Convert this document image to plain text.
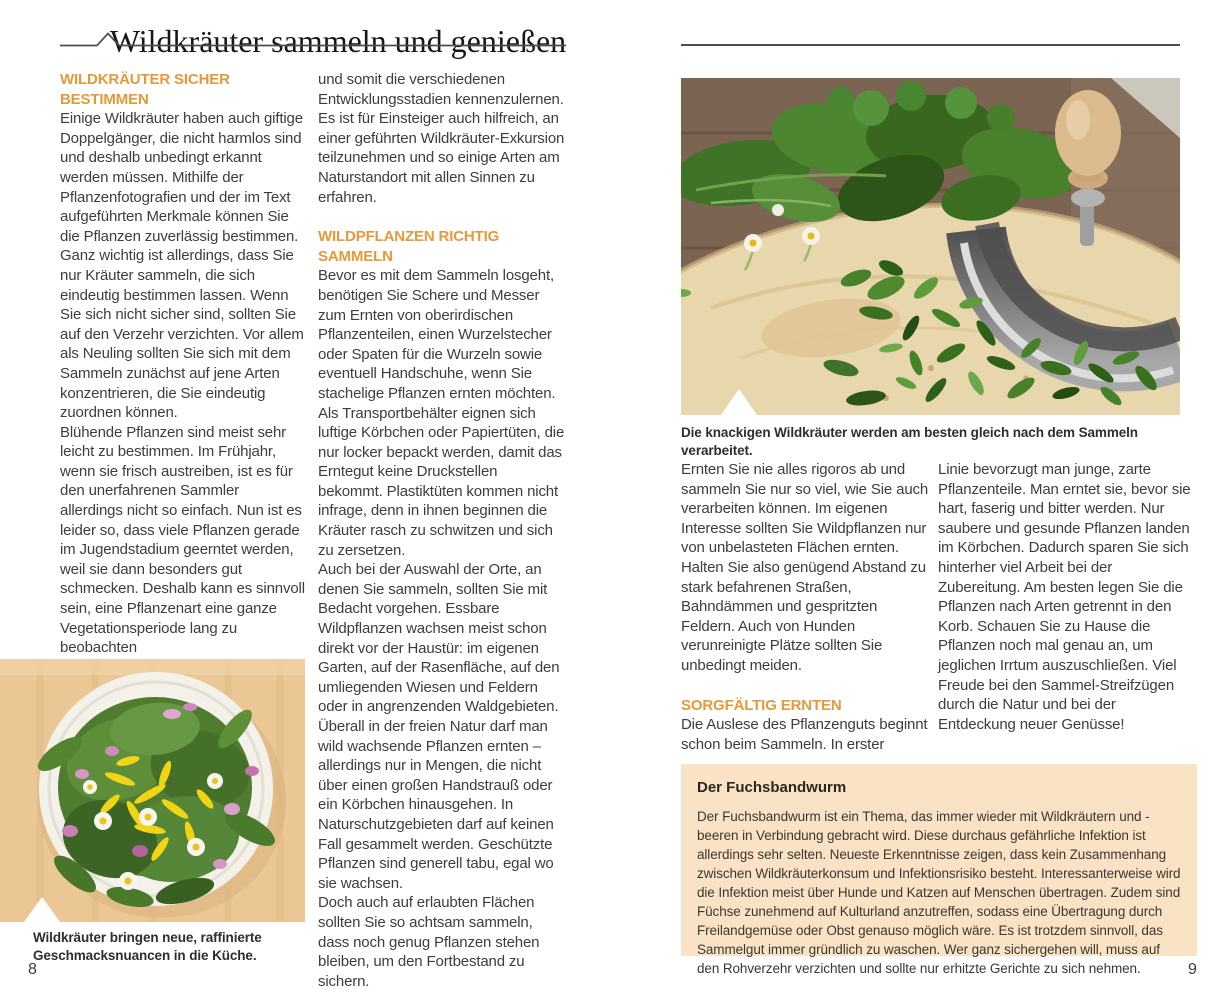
Wildkräuter sammeln und genießen

WILDKRÄUTER SICHER BESTIMMEN

Einige Wildkräuter haben auch giftige Doppelgänger, die nicht harmlos sind und deshalb unbedingt erkannt werden müssen. Mithilfe der Pflanzenfotografien und der im Text aufgeführten Merkmale können Sie die Pflanzen zuverlässig bestimmen. Ganz wichtig ist allerdings, dass Sie nur Kräuter sammeln, die sich eindeutig bestimmen lassen. Wenn Sie sich nicht sicher sind, sollten Sie auf den Verzehr verzichten. Vor allem als Neuling sollten Sie sich mit dem Sammeln zunächst auf jene Arten konzentrieren, die Sie eindeutig zuordnen können.

Blühende Pflanzen sind meist sehr leicht zu bestimmen. Im Frühjahr, wenn sie frisch austreiben, ist es für den unerfahrenen Sammler allerdings nicht so einfach. Nun ist es leider so, dass viele Pflanzen gerade im Jugendstadium geerntet werden, weil sie dann besonders gut schmecken. Deshalb kann es sinnvoll sein, eine Pflanzenart eine ganze Vegetationsperiode lang zu beobachten

und somit die verschiedenen Entwicklungsstadien kennenzulernen. Es ist für Einsteiger auch hilfreich, an einer geführten Wildkräuter-Exkursion teilzunehmen und so einige Arten am Naturstandort mit allen Sinnen zu erfahren.

WILDPFLANZEN RICHTIG SAMMELN

Bevor es mit dem Sammeln losgeht, benötigen Sie Schere und Messer zum Ernten von oberirdischen Pflanzenteilen, einen Wurzelstecher oder Spaten für die Wurzeln sowie eventuell Handschuhe, wenn Sie stachelige Pflanzen ernten möchten.

Als Transportbehälter eignen sich luftige Körbchen oder Papiertüten, die nur locker bepackt werden, damit das Erntegut keine Druckstellen bekommt. Plastiktüten kommen nicht infrage, denn in ihnen beginnen die Kräuter rasch zu schwitzen und sich zu zersetzen.

Auch bei der Auswahl der Orte, an denen Sie sammeln, sollten Sie mit Bedacht vorgehen. Essbare Wildpflanzen wachsen meist schon direkt vor der Haustür: im eigenen Garten, auf der Rasenfläche, auf den umliegenden Wiesen und Feldern oder in angrenzenden Waldgebieten. Überall in der freien Natur darf man wild wachsende Pflanzen ernten – allerdings nur in Mengen, die nicht über einen großen Handstrauß oder ein Körbchen hinausgehen. In Naturschutzgebieten darf auf keinen Fall gesammelt werden. Geschützte Pflanzen sind generell tabu, egal wo sie wachsen.

Doch auch auf erlaubten Flächen sollten Sie so achtsam sammeln, dass noch genug Pflanzen stehen bleiben, um den Fortbestand zu sichern.

Wildkräuter bringen neue, raffinierte Geschmacksnuancen in die Küche.
8
Die knackigen Wildkräuter werden am besten gleich nach dem Sammeln verarbeitet.

Ernten Sie nie alles rigoros ab und sammeln Sie nur so viel, wie Sie auch verarbeiten können. Im eigenen Interesse sollten Sie Wildpflanzen nur von unbelasteten Flächen ernten. Halten Sie also genügend Abstand zu stark befahrenen Straßen, Bahndämmen und gespritzten Feldern. Auch von Hunden verunreinigte Plätze sollten Sie unbedingt meiden.

SORGFÄLTIG ERNTEN

Die Auslese des Pflanzenguts beginnt schon beim Sammeln. In erster

Linie bevorzugt man junge, zarte Pflanzenteile. Man erntet sie, bevor sie hart, faserig und bitter werden. Nur saubere und gesunde Pflanzen landen im Körbchen. Dadurch sparen Sie sich hinterher viel Arbeit bei der Zubereitung. Am besten legen Sie die Pflanzen nach Arten getrennt in den Korb. Schauen Sie zu Hause die Pflanzen noch mal genau an, um jeglichen Irrtum auszuschließen. Viel Freude bei den Sammel-Streifzügen durch die Natur und bei der Entdeckung neuer Genüsse!

Der Fuchsbandwurm

Der Fuchsbandwurm ist ein Thema, das immer wieder mit Wildkräutern und -beeren in Verbindung gebracht wird. Diese durchaus gefährliche Infektion ist allerdings sehr selten. Neueste Erkenntnisse zeigen, dass kein Zusammenhang zwischen Wildkräuterkonsum und Infektionsrisiko besteht. Interessanterweise wird die Infektion meist über Hunde und Katzen auf Menschen übertragen. Zudem sind Füchse zunehmend auf Kulturland anzutreffen, sodass eine Übertragung durch Freilandgemüse oder Obst genauso möglich wäre. Es ist trotzdem sinnvoll, das Sammelgut immer gründlich zu waschen. Wer ganz sichergehen will, muss auf den Rohverzehr verzichten und sollte nur erhitzte Gerichte zu sich nehmen.	9
